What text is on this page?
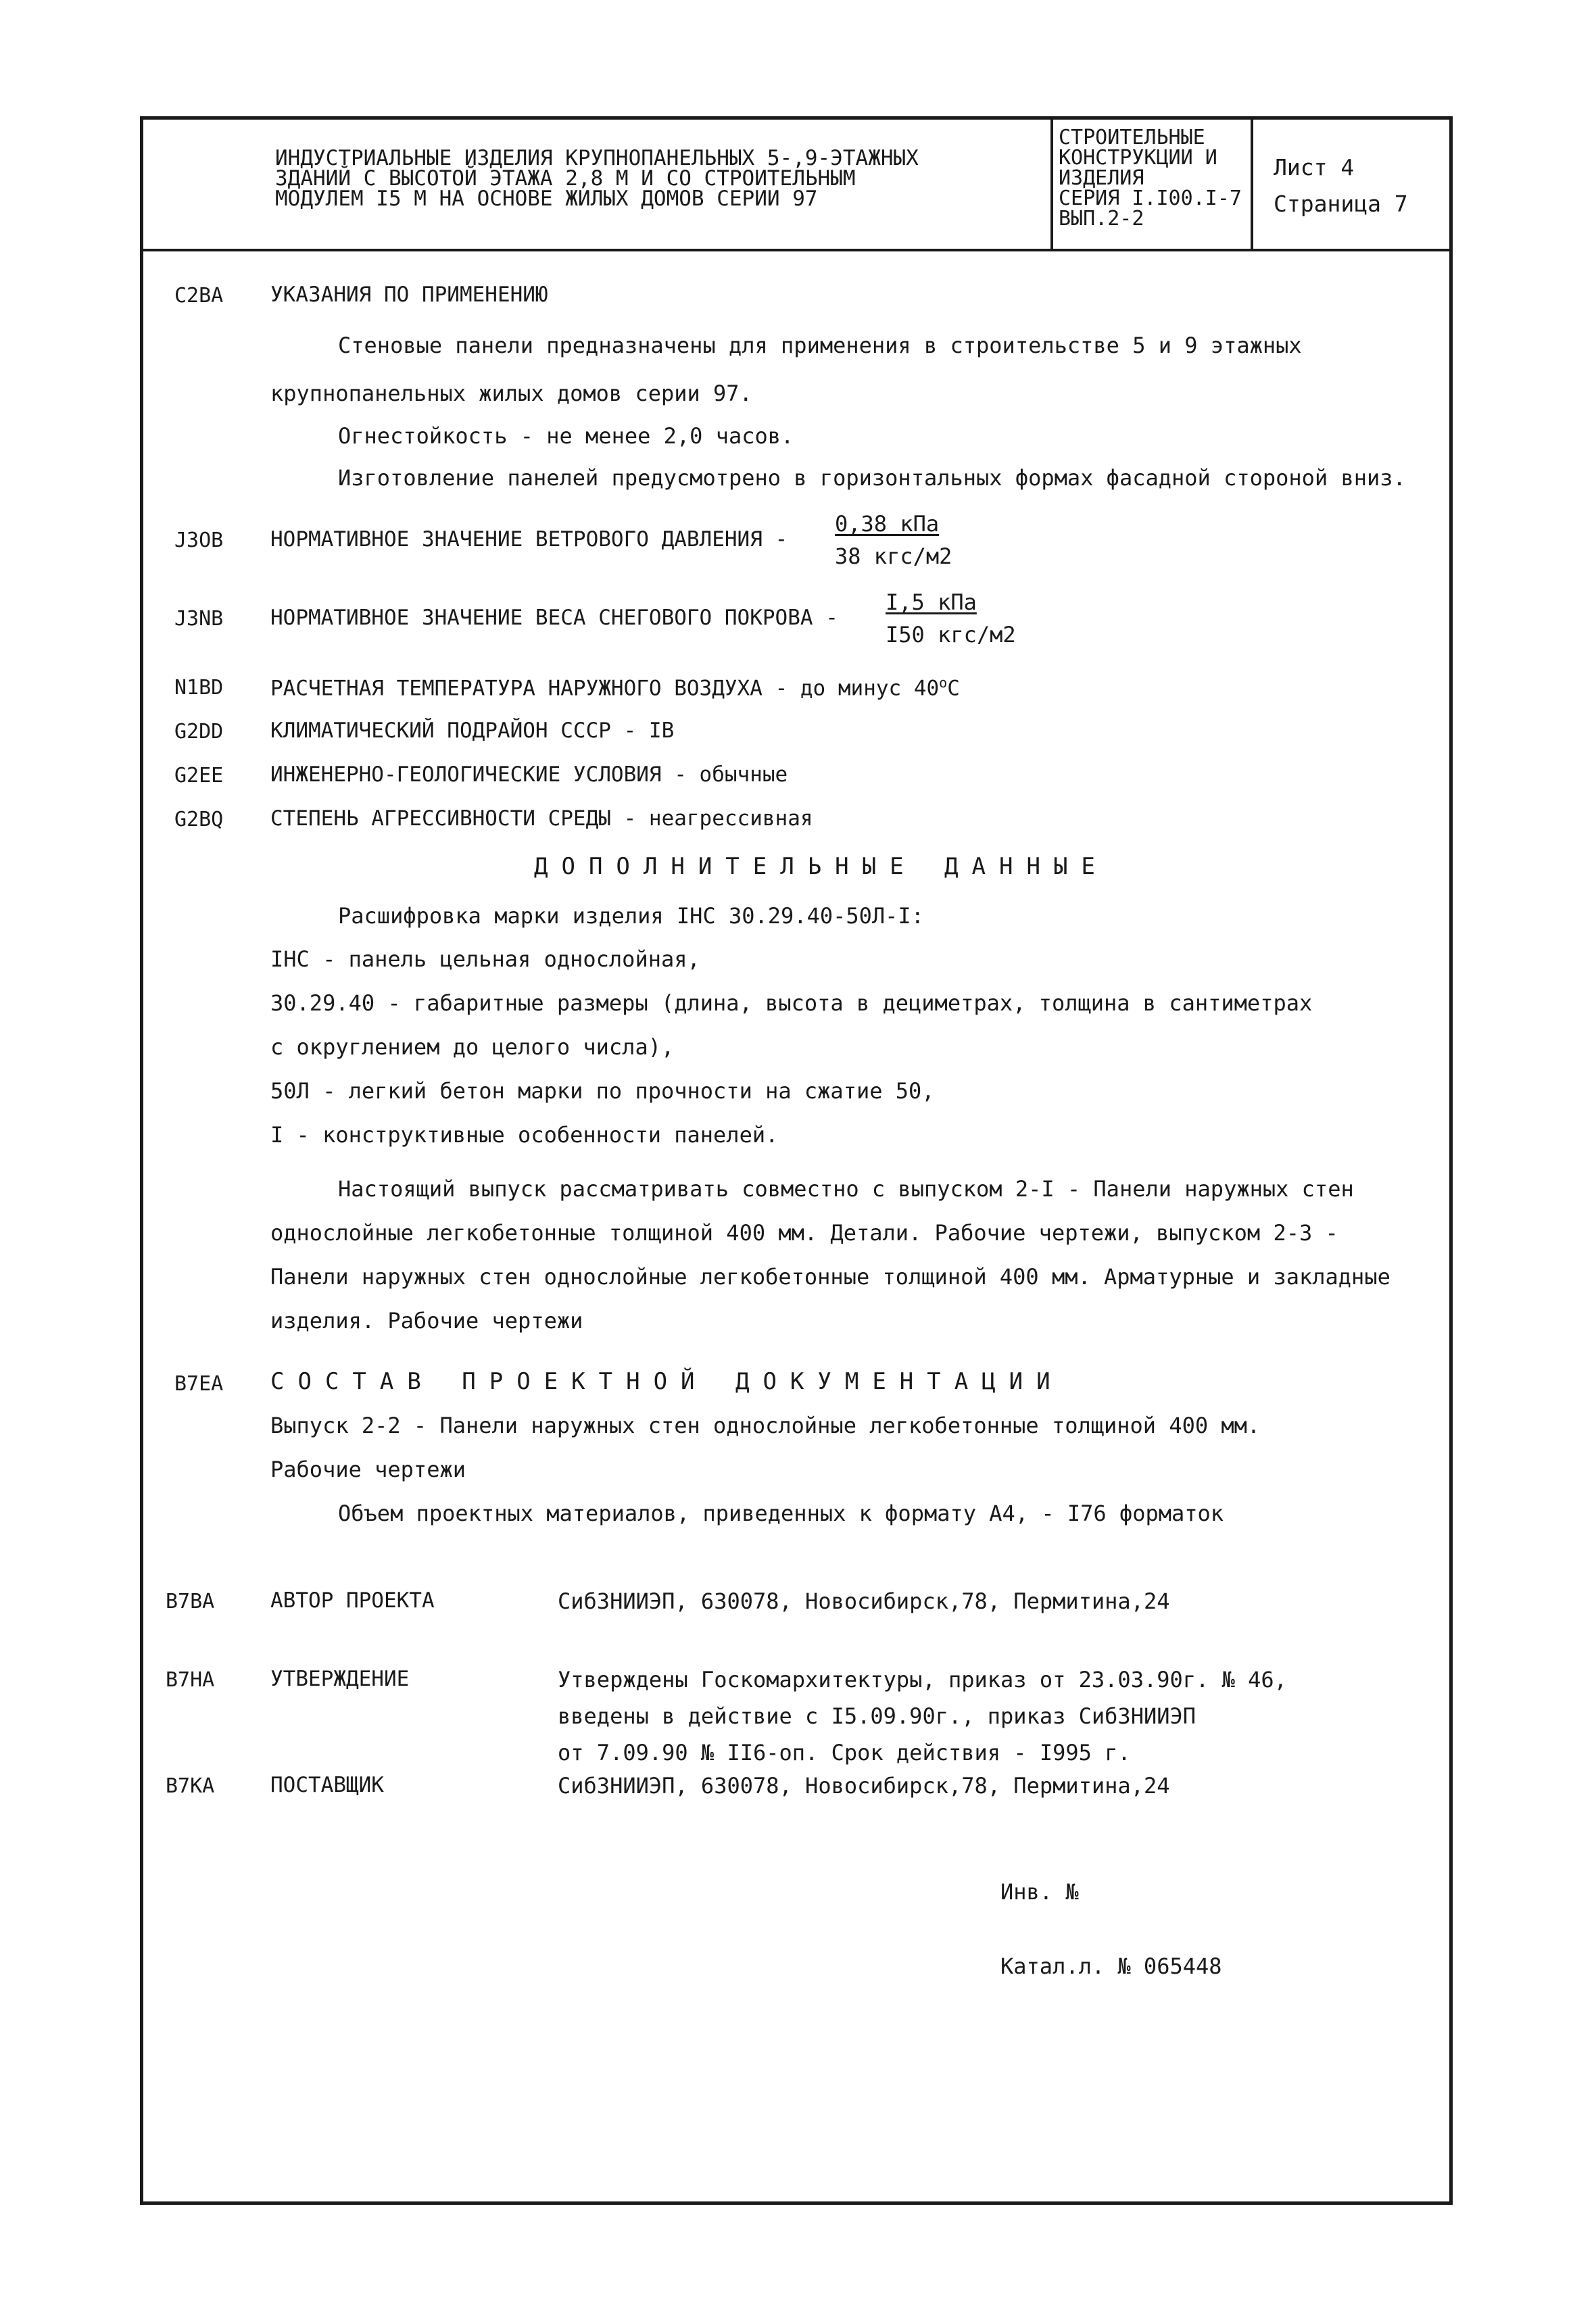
ИНДУСТРИАЛЬНЫЕ ИЗДЕЛИЯ КРУПНОПАНЕЛЬНЫХ 5-,9-ЭТАЖНЫХ
ЗДАНИЙ С ВЫСОТОЙ ЭТАЖА 2,8 М И СО СТРОИТЕЛЬНЫМ
МОДУЛЕМ I5 М НА ОСНОВЕ ЖИЛЫХ ДОМОВ СЕРИИ 97
СТРОИТЕЛЬНЫЕ
КОНСТРУКЦИИ И
ИЗДЕЛИЯ
СЕРИЯ I.I00.I-7
ВЫП.2-2
Лист 4
Страница 7
C2BA УКАЗАНИЯ ПО ПРИМЕНЕНИЮ
Стеновые панели предназначены для применения в строительстве 5 и 9 этажных
крупнопанельных жилых домов серии 97.
Огнестойкость - не менее 2,0 часов.
Изготовление панелей предусмотрено в горизонтальных формах фасадной стороной вниз.
J3OB НОРМАТИВНОЕ ЗНАЧЕНИЕ ВЕТРОВОГО ДАВЛЕНИЯ -
0,38 кПа
38 кгс/м2
J3NB НОРМАТИВНОЕ ЗНАЧЕНИЕ ВЕСА СНЕГОВОГО ПОКРОВА -
I,5 кПа
I50 кгс/м2
N1BD РАСЧЕТНАЯ ТЕМПЕРАТУРА НАРУЖНОГО ВОЗДУХА - до минус $40^оС$
G2DD КЛИМАТИЧЕСКИЙ ПОДРАЙОН СССР - IВ
G2EE ИНЖЕНЕРНО-ГЕОЛОГИЧЕСКИЕ УСЛОВИЯ - обычные
G2BQ СТЕПЕНЬ АГРЕССИВНОСТИ СРЕДЫ - неагрессивная
ДОПОЛНИТЕЛЬНЫЕ ДАННЫЕ
Расшифровка марки изделия IНС 30.29.40-50Л-I:
IНС - панель цельная однослойная,
30.29.40 - габаритные размеры (длина, высота в дециметрах, толщина в сантиметрах
с округлением до целого числа),
50Л - легкий бетон марки по прочности на сжатие 50,
I - конструктивные особенности панелей.
Настоящий выпуск рассматривать совместно с выпуском 2-I - Панели наружных стен
однослойные легкобетонные толщиной 400 мм. Детали. Рабочие чертежи, выпуском 2-3 -
Панели наружных стен однослойные легкобетонные толщиной 400 мм. Арматурные и закладные
изделия. Рабочие чертежи
B7EA СОСТАВ ПРОЕКТНОЙ ДОКУМЕНТАЦИИ
Выпуск 2-2 - Панели наружных стен однослойные легкобетонные толщиной 400 мм.
Рабочие чертежи
Объем проектных материалов, приведенных к формату А4, - I76 форматок
B7BA	АВТОР ПРОЕКТА	СибЗНИИЭП, 630078, Новосибирск,78, Пермитина,24
B7HA	УТВЕРЖДЕНИЕ	Утверждены Госкомархитектуры, приказ от 23.03.90г. № 46,
введены в действие с I5.09.90г., приказ СибЗНИИЭП
от 7.09.90 № II6-оп. Срок действия - I995 г.
B7KA	ПОСТАВЩИК	СибЗНИИЭП, 630078, Новосибирск,78, Пермитина,24
Инв. №
Катал.л. № 065448
